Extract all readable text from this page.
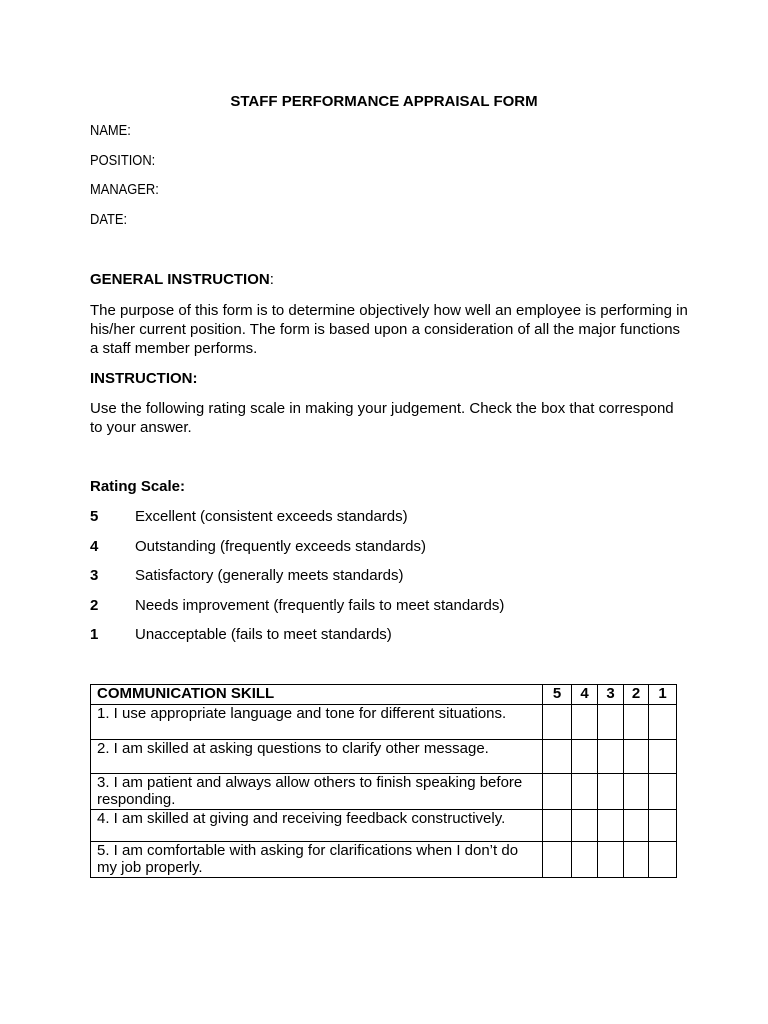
STAFF PERFORMANCE APPRAISAL FORM
NAME:
POSITION:
MANAGER:
DATE:
GENERAL INSTRUCTION:
The purpose of this form is to determine objectively how well an employee is performing in his/her current position. The form is based upon a consideration of all the major functions a staff member performs.
INSTRUCTION:
Use the following rating scale in making your judgement. Check the box that correspond to your answer.
Rating Scale:
5 Excellent (consistent exceeds standards)
4 Outstanding (frequently exceeds standards)
3 Satisfactory (generally meets standards)
2 Needs improvement (frequently fails to meet standards)
1 Unacceptable (fails to meet standards)
COMMUNICATION SKILL	5	4	3	2	1
1. I use appropriate language and tone for different situations.					
2. I am skilled at asking questions to clarify other message.					
3. I am patient and always allow others to finish speaking before responding.					
4. I am skilled at giving and receiving feedback constructively.					
5. I am comfortable with asking for clarifications when I don’t do my job properly.					
